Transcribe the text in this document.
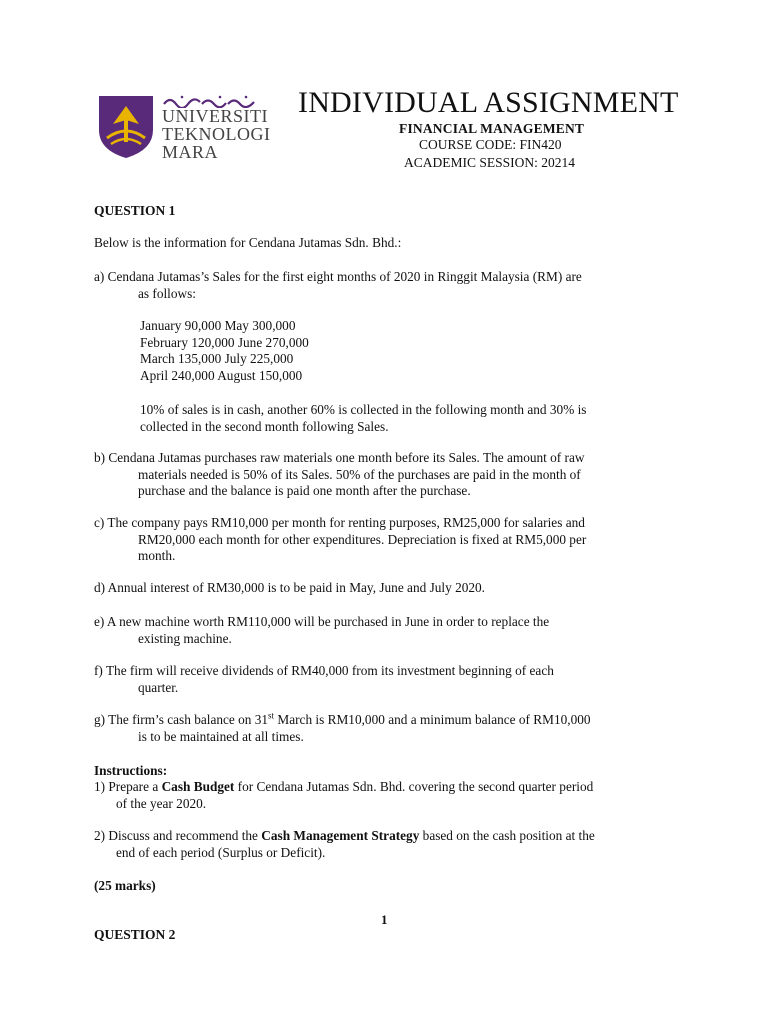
UNIVERSITI
TEKNOLOGI
MARA
INDIVIDUAL ASSIGNMENT
FINANCIAL MANAGEMENT
COURSE CODE: FIN420
ACADEMIC SESSION: 20214
QUESTION 1
Below is the information for Cendana Jutamas Sdn. Bhd.:

a) Cendana Jutamas’s Sales for the first eight months of 2020 in Ringgit Malaysia (RM) are

as follows:

January 90,000 May 300,000

February 120,000 June 270,000

March 135,000 July 225,000

April 240,000 August 150,000

10% of sales is in cash, another 60% is collected in the following month and 30% is

collected in the second month following Sales.

b) Cendana Jutamas purchases raw materials one month before its Sales. The amount of raw

materials needed is 50% of its Sales. 50% of the purchases are paid in the month of

purchase and the balance is paid one month after the purchase.

c) The company pays RM10,000 per month for renting purposes, RM25,000 for salaries and

RM20,000 each month for other expenditures. Depreciation is fixed at RM5,000 per

month.

d) Annual interest of RM30,000 is to be paid in May, June and July 2020.

e) A new machine worth RM110,000 will be purchased in June in order to replace the

existing machine.

f) The firm will receive dividends of RM40,000 from its investment beginning of each

quarter.

g) The firm’s cash balance on 31st March is RM10,000 and a minimum balance of RM10,000

is to be maintained at all times.

Instructions:

1) Prepare a Cash Budget for Cendana Jutamas Sdn. Bhd. covering the second quarter period

of the year 2020.

2) Discuss and recommend the Cash Management Strategy based on the cash position at the

end of each period (Surplus or Deficit).

(25 marks)
1
QUESTION 2
